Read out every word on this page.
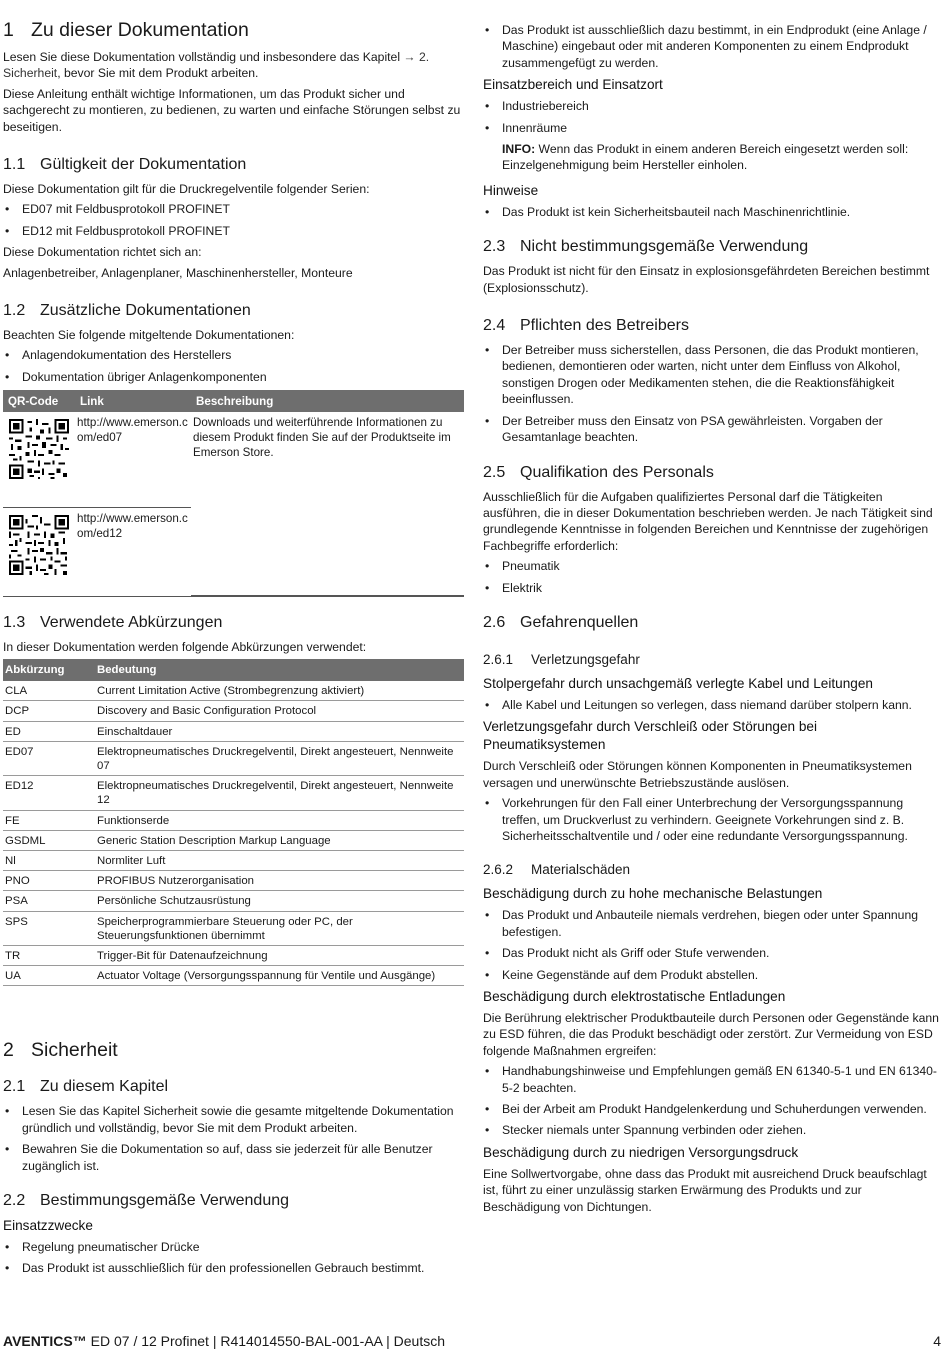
1 Zu dieser Dokumentation

Lesen Sie diese Dokumentation vollständig und insbesondere das Kapitel → 2. Sicherheit, bevor Sie mit dem Produkt arbeiten.

Diese Anleitung enthält wichtige Informationen, um das Produkt sicher und sachgerecht zu montieren, zu bedienen, zu warten und einfache Störungen selbst zu beseitigen.

1.1 Gültigkeit der Dokumentation

Diese Dokumentation gilt für die Druckregelventile folgender Serien:

• ED07 mit Feldbusprotokoll PROFINET
• ED12 mit Feldbusprotokoll PROFINET

Diese Dokumentation richtet sich an:

Anlagenbetreiber, Anlagenplaner, Maschinenhersteller, Monteure

1.2 Zusätzliche Dokumentationen

Beachten Sie folgende mitgeltende Dokumentationen:

• Anlagendokumentation des Herstellers
• Dokumentation übriger Anlagenkomponenten
QR-Code	Link	Beschreibung

	http://www.emerson.com/ed07	Downloads und weiterführende Informationen zu diesem Produkt finden Sie auf der Produktseite im Emerson Store.

	http://www.emerson.com/ed12	
1.3 Verwendete Abkürzungen

In dieser Dokumentation werden folgende Abkürzungen verwendet:

Abkürzung	Bedeutung
CLA	Current Limitation Active (Strombegrenzung aktiviert)
DCP	Discovery and Basic Configuration Protocol
ED	Einschaltdauer
ED07	Elektropneumatisches Druckregelventil, Direkt angesteuert, Nennweite 07
ED12	Elektropneumatisches Druckregelventil, Direkt angesteuert, Nennweite 12
FE	Funktionserde
GSDML	Generic Station Description Markup Language
Nl	Normliter Luft
PNO	PROFIBUS Nutzerorganisation
PSA	Persönliche Schutzausrüstung
SPS	Speicherprogrammierbare Steuerung oder PC, der Steuerungsfunktionen übernimmt
TR	Trigger-Bit für Datenaufzeichnung
UA	Actuator Voltage (Versorgungsspannung für Ventile und Ausgänge)
2 Sicherheit
2.1 Zu diesem Kapitel
• Lesen Sie das Kapitel Sicherheit sowie die gesamte mitgeltende Dokumentation gründlich und vollständig, bevor Sie mit dem Produkt arbeiten.
• Bewahren Sie die Dokumentation so auf, dass sie jederzeit für alle Benutzer zugänglich ist.
2.2 Bestimmungsgemäße Verwendung
Einsatzzwecke
• Regelung pneumatischer Drücke
• Das Produkt ist ausschließlich für den professionellen Gebrauch bestimmt.
• Das Produkt ist ausschließlich dazu bestimmt, in ein Endprodukt (eine Anlage / Maschine) eingebaut oder mit anderen Komponenten zu einem Endprodukt zusammengefügt zu werden.
Einsatzbereich und Einsatzort
• Industriebereich
• Innenräume

INFO: Wenn das Produkt in einem anderen Bereich eingesetzt werden soll: Einzelgenehmigung beim Hersteller einholen.

Hinweise
• Das Produkt ist kein Sicherheitsbauteil nach Maschinenrichtlinie.
2.3 Nicht bestimmungsgemäße Verwendung

Das Produkt ist nicht für den Einsatz in explosionsgefährdeten Bereichen bestimmt (Explosionsschutz).

2.4 Pflichten des Betreibers
• Der Betreiber muss sicherstellen, dass Personen, die das Produkt montieren, bedienen, demontieren oder warten, nicht unter dem Einfluss von Alkohol, sonstigen Drogen oder Medikamenten stehen, die die Reaktionsfähigkeit beeinflussen.
• Der Betreiber muss den Einsatz von PSA gewährleisten. Vorgaben der Gesamtanlage beachten.
2.5 Qualifikation des Personals

Ausschließlich für die Aufgaben qualifiziertes Personal darf die Tätigkeiten ausführen, die in dieser Dokumentation beschrieben werden. Je nach Tätigkeit sind grundlegende Kenntnisse in folgenden Bereichen und Kenntnisse der zugehörigen Fachbegriffe erforderlich:

• Pneumatik
• Elektrik
2.6 Gefahrenquellen
2.6.1 Verletzungsgefahr
Stolpergefahr durch unsachgemäß verlegte Kabel und Leitungen
• Alle Kabel und Leitungen so verlegen, dass niemand darüber stolpern kann.
Verletzungsgefahr durch Verschleiß oder Störungen bei Pneumatiksystemen

Durch Verschleiß oder Störungen können Komponenten in Pneumatiksystemen versagen und unerwünschte Betriebszustände auslösen.

• Vorkehrungen für den Fall einer Unterbrechung der Versorgungsspannung treffen, um Druckverlust zu verhindern. Geeignete Vorkehrungen sind z. B. Sicherheitsschaltventile und / oder eine redundante Versorgungsspannung.
2.6.2 Materialschäden
Beschädigung durch zu hohe mechanische Belastungen
• Das Produkt und Anbauteile niemals verdrehen, biegen oder unter Spannung befestigen.
• Das Produkt nicht als Griff oder Stufe verwenden.
• Keine Gegenstände auf dem Produkt abstellen.
Beschädigung durch elektrostatische Entladungen

Die Berührung elektrischer Produktbauteile durch Personen oder Gegenstände kann zu ESD führen, die das Produkt beschädigt oder zerstört. Zur Vermeidung von ESD folgende Maßnahmen ergreifen:

• Handhabungshinweise und Empfehlungen gemäß EN 61340-5-1 und EN 61340-5-2 beachten.
• Bei der Arbeit am Produkt Handgelenkerdung und Schuherdungen verwenden.
• Stecker niemals unter Spannung verbinden oder ziehen.
Beschädigung durch zu niedrigen Versorgungsdruck

Eine Sollwertvorgabe, ohne dass das Produkt mit ausreichend Druck beaufschlagt ist, führt zu einer unzulässig starken Erwärmung des Produkts und zur Beschädigung von Dichtungen.

AVENTICS™ ED 07 / 12 Profinet | R414014550-BAL-001-AA | Deutsch	4
